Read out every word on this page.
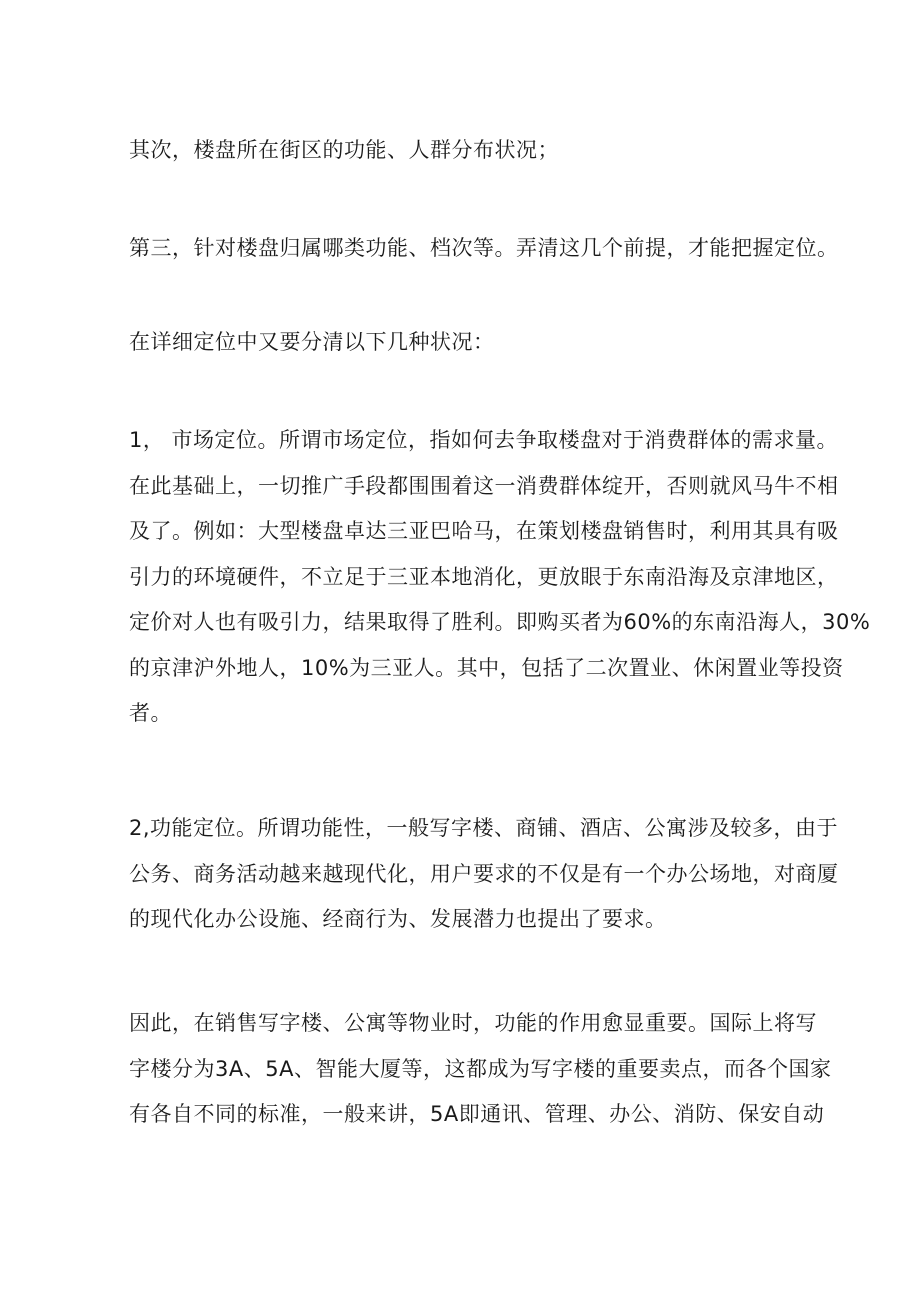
其次，楼盘所在街区的功能、人群分布状况；

第三，针对楼盘归属哪类功能、档次等。弄清这几个前提，才能把握定位。

在详细定位中又要分清以下几种状况：

1， 市场定位。所谓市场定位，指如何去争取楼盘对于消费群体的需求量。
在此基础上，一切推广手段都围围着这一消费群体绽开，否则就风马牛不相
及了。例如：大型楼盘卓达三亚巴哈马，在策划楼盘销售时，利用其具有吸
引力的环境硬件，不立足于三亚本地消化，更放眼于东南沿海及京津地区，
定价对人也有吸引力，结果取得了胜利。即购买者为60%的东南沿海人，30%
的京津沪外地人，10%为三亚人。其中，包括了二次置业、休闲置业等投资
者。

2,功能定位。所谓功能性，一般写字楼、商铺、酒店、公寓涉及较多，由于
公务、商务活动越来越现代化，用户要求的不仅是有一个办公场地，对商厦
的现代化办公设施、经商行为、发展潜力也提出了要求。

因此，在销售写字楼、公寓等物业时，功能的作用愈显重要。国际上将写
字楼分为3A、5A、智能大厦等，这都成为写字楼的重要卖点，而各个国家
有各自不同的标准，一般来讲，5A即通讯、管理、办公、消防、保安自动
